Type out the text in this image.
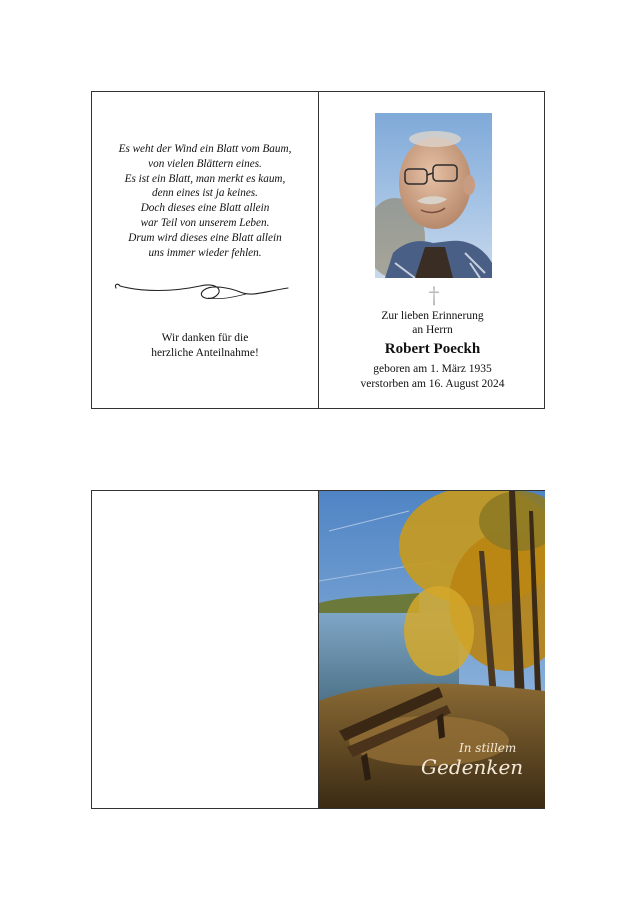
Es weht der Wind ein Blatt vom Baum,
von vielen Blättern eines.
Es ist ein Blatt, man merkt es kaum,
denn eines ist ja keines.
Doch dieses eine Blatt allein
war Teil von unserem Leben.
Drum wird dieses eine Blatt allein
uns immer wieder fehlen.
Wir danken für die
herzliche Anteilnahme!
†
Zur lieben Erinnerung
an Herrn
Robert Poeckh
geboren am 1. März 1935
verstorben am 16. August 2024
In stillem
Gedenken
